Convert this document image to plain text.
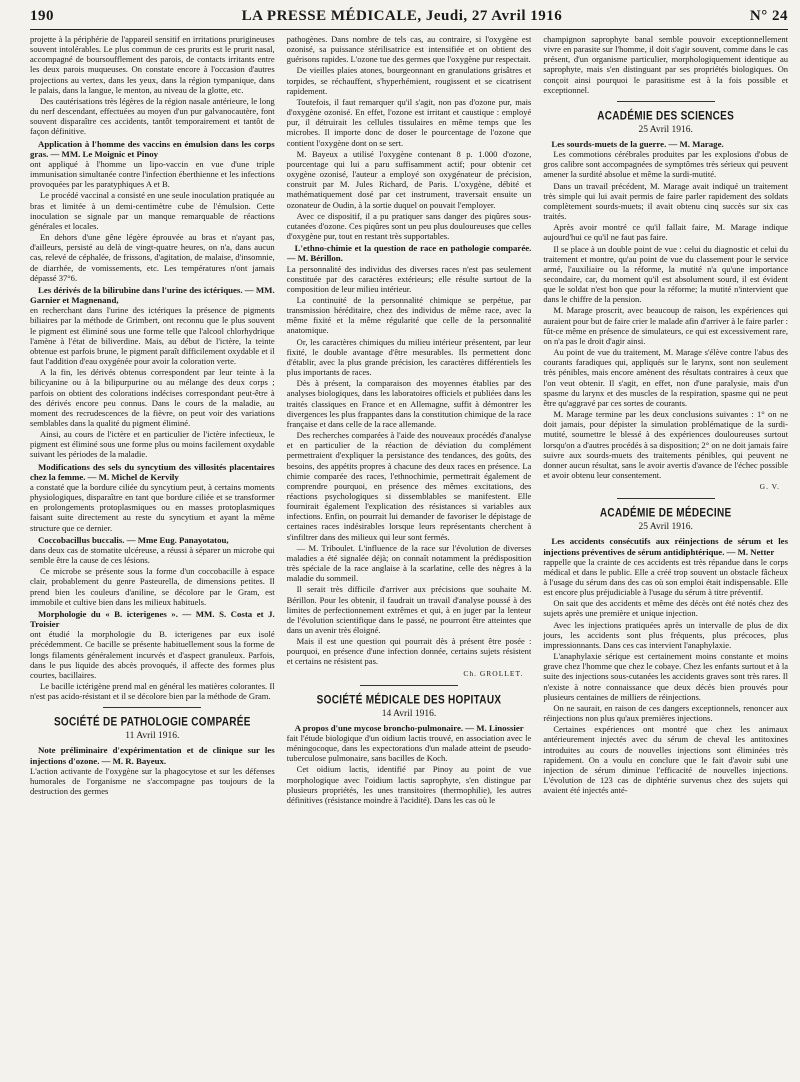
190	LA PRESSE MÉDICALE, Jeudi, 27 Avril 1916	N° 24

projette à la périphérie de l'appareil sensitif en irritations prurigineuses souvent intolérables. Le plus commun de ces prurits est le prurit nasal, accompagné de boursoufflement des parois, de contacts irritants entre les deux parois muqueuses. On constate encore à l'occasion d'autres projections au vertex, dans les yeux, dans la région tympanique, dans le palais, dans la langue, le menton, au niveau de la glotte, etc.

Des cautérisations très légères de la région nasale antérieure, le long du nerf descendant, effectuées au moyen d'un pur galvanocautère, font souvent disparaître ces accidents, tantôt temporairement et tantôt de façon définitive.

Application à l'homme des vaccins en émulsion dans les corps gras. — MM. Le Moignic et Pinoy

ont appliqué à l'homme un lipo-vaccin en vue d'une triple immunisation simultanée contre l'infection éberthienne et les infections provoquées par les paratyphiques A et B.

Le procédé vaccinal a consisté en une seule inoculation pratiquée au bras et limitée à un demi-centimètre cube de l'émulsion. Cette inoculation se signale par un manque remarquable de réactions générales et locales.

En dehors d'une gêne légère éprouvée au bras et n'ayant pas, d'ailleurs, persisté au delà de vingt-quatre heures, on n'a, dans aucun cas, relevé de céphalée, de frissons, d'agitation, de malaise, d'insomnie, de diarrhée, de vomissements, etc. Les températures n'ont jamais dépassé 37°6.

Les dérivés de la bilirubine dans l'urine des ictériques. — MM. Garnier et Magnenand,

en recherchant dans l'urine des ictériques la présence de pigments biliaires par la méthode de Grimbert, ont reconnu que le plus souvent le pigment est éliminé sous une forme telle que l'alcool chlorhydrique l'amène à l'état de biliverdine. Mais, au début de l'ictère, la teinte obtenue est parfois brune, le pigment paraît difficilement oxydable et il faut l'addition d'eau oxygénée pour avoir la coloration verte.

A la fin, les dérivés obtenus correspondent par leur teinte à la bilicyanine ou à la bilipurpurine ou au mélange des deux corps ; parfois on obtient des colorations indécises correspondant peut-être à des dérivés encore peu connus. Dans le cours de la maladie, au moment des recrudescences de la fièvre, on peut voir des variations semblables dans la qualité du pigment éliminé.

Ainsi, au cours de l'ictère et en particulier de l'ictère infectieux, le pigment est éliminé sous une forme plus ou moins facilement oxydable suivant les périodes de la maladie.

Modifications des sels du syncytium des villosités placentaires chez la femme. — M. Michel de Kervily

a constaté que la bordure ciliée du syncytium peut, à certains moments physiologiques, disparaître en tant que bordure ciliée et se transformer en prolongements protoplasmiques ou en masses protoplasmiques faisant suite directement au reste du syncytium et ayant la même structure que ce dernier.

Coccobacillus buccalis. — Mme Eug. Panayotatou,

dans deux cas de stomatite ulcéreuse, a réussi à séparer un microbe qui semble être la cause de ces lésions.

Ce microbe se présente sous la forme d'un coccobacille à espace clair, probablement du genre Pasteurella, de dimensions petites. Il prend bien les couleurs d'aniline, se décolore par le Gram, est immobile et cultive bien dans les milieux habituels.

Morphologie du « B. icterigenes ». — MM. S. Costa et J. Troisier

ont étudié la morphologie du B. icterigenes par eux isolé précédemment. Ce bacille se présente habituellement sous la forme de longs filaments généralement incurvés et d'aspect granuleux. Parfois, dans le pus liquide des abcès provoqués, il affecte des formes plus courtes, bacillaires.

Le bacille ictérigène prend mal en général les matières colorantes. Il n'est pas acido-résistant et il se décolore bien par la méthode de Gram.

SOCIÉTÉ DE PATHOLOGIE COMPARÉE
11 Avril 1916.
Note préliminaire d'expérimentation et de clinique sur les injections d'ozone. — M. R. Bayeux.

L'action activante de l'oxygène sur la phagocytose et sur les défenses humorales de l'organisme ne s'accompagne pas toujours de la destruction des germes

pathogènes. Dans nombre de tels cas, au contraire, si l'oxygène est ozonisé, sa puissance stérilisatrice est intensifiée et on obtient des guérisons rapides. L'ozone tue des germes que l'oxygène pur respectait.

De vieilles plaies atones, bourgeonnant en granulations grisâtres et torpides, se réchauffent, s'hyperhémient, rougissent et se cicatrisent rapidement.

Toutefois, il faut remarquer qu'il s'agit, non pas d'ozone pur, mais d'oxygène ozonisé. En effet, l'ozone est irritant et caustique : employé pur, il détruirait les cellules tissulaires en même temps que les microbes. Il importe donc de doser le pourcentage de l'ozone que contient l'oxygène dont on se sert.

M. Bayeux a utilisé l'oxygène contenant 8 p. 1.000 d'ozone, pourcentage qui lui a paru suffisamment actif; pour obtenir cet oxygène ozonisé, l'auteur a employé son oxygénateur de précision, construit par M. Jules Richard, de Paris. L'oxygène, débité et mathématiquement dosé par cet instrument, traversait ensuite un ozonateur de Oudin, à la sortie duquel on pouvait l'employer.

Avec ce dispositif, il a pu pratiquer sans danger des piqûres sous-cutanées d'ozone. Ces piqûres sont un peu plus douloureuses que celles d'oxygène pur, tout en restant très supportables.

L'ethno-chimie et la question de race en pathologie comparée. — M. Bérillon.

La personnalité des individus des diverses races n'est pas seulement constituée par des caractères extérieurs; elle résulte surtout de la composition de leur milieu intérieur.

La continuité de la personnalité chimique se perpétue, par transmission héréditaire, chez des individus de même race, avec la même fixité et la même régularité que celle de la personnalité anatomique.

Or, les caractères chimiques du milieu intérieur présentent, par leur fixité, le double avantage d'être mesurables. Ils permettent donc d'établir, avec la plus grande précision, les caractères différentiels les plus importants de races.

Dès à présent, la comparaison des moyennes établies par des analyses biologiques, dans les laboratoires officiels et publiées dans les traités classiques en France et en Allemagne, suffit à démontrer les divergences les plus frappantes dans la constitution chimique de la race française et dans celle de la race allemande.

Des recherches comparées à l'aide des nouveaux procédés d'analyse et en particulier de la réaction de déviation du complément permettraient d'expliquer la persistance des tendances, des goûts, des besoins, des appétits propres à chacune des deux races en présence. La chimie comparée des races, l'ethnochimie, permettrait également de comprendre pourquoi, en présence des mêmes excitations, des réactions psychologiques si dissemblables se manifestent. Elle fournirait également l'explication des résistances si variables aux infections. Enfin, on pourrait lui demander de favoriser le dépistage de certaines races indésirables lorsque leurs représentants cherchent à s'infiltrer dans des milieux qui leur sont fermés.

— M. Triboulet. L'influence de la race sur l'évolution de diverses maladies a été signalée déjà; on connaît notamment la prédisposition très spéciale de la race anglaise à la scarlatine, celle des nègres à la maladie du sommeil.

Il serait très difficile d'arriver aux précisions que souhaite M. Bérillon. Pour les obtenir, il faudrait un travail d'analyse poussé à des limites de perfectionnement extrêmes et qui, à en juger par la lenteur de l'évolution scientifique dans le passé, ne pourront être atteintes que dans un avenir très éloigné.

Mais il est une question qui pourrait dès à présent être posée : pourquoi, en présence d'une infection donnée, certains sujets résistent et certains ne résistent pas.

Ch. GROLLET.
SOCIÉTÉ MÉDICALE DES HOPITAUX
14 Avril 1916.
A propos d'une mycose broncho-pulmonaire. — M. Linossier

fait l'étude biologique d'un oidium lactis trouvé, en association avec le méningocoque, dans les expectorations d'un malade atteint de pseudo-tuberculose pulmonaire, sans bacilles de Koch.

Cet oidium lactis, identifié par Pinoy au point de vue morphologique avec l'oidium lactis saprophyte, s'en distingue par plusieurs propriétés, les unes transitoires (thermophilie), les autres définitives (résistance moindre à l'acidité). Dans les cas où le

champignon saprophyte banal semble pouvoir exceptionnellement vivre en parasite sur l'homme, il doit s'agir souvent, comme dans le cas présent, d'un organisme particulier, morphologiquement identique au saprophyte, mais s'en distinguant par ses propriétés biologiques. On conçoit ainsi pourquoi le parasitisme est à la fois possible et exceptionnel.

ACADÉMIE DES SCIENCES
25 Avril 1916.
Les sourds-muets de la guerre. — M. Marage.

Les commotions cérébrales produites par les explosions d'obus de gros calibre sont accompagnées de symptômes très sérieux qui peuvent amener la surdité absolue et même la surdi-mutité.

Dans un travail précédent, M. Marage avait indiqué un traitement très simple qui lui avait permis de faire parler rapidement des soldats complètement sourds-muets; il avait obtenu cinq succès sur six cas traités.

Après avoir montré ce qu'il fallait faire, M. Marage indique aujourd'hui ce qu'il ne faut pas faire.

Il se place à un double point de vue : celui du diagnostic et celui du traitement et montre, qu'au point de vue du classement pour le service armé, l'auxiliaire ou la réforme, la mutité n'a qu'une importance secondaire, car, du moment qu'il est absolument sourd, il est évident que le soldat n'est bon que pour la réforme; la mutité n'intervient que dans le chiffre de la pension.

M. Marage proscrit, avec beaucoup de raison, les expériences qui auraient pour but de faire crier le malade afin d'arriver à le faire parler : fût-ce même en présence de simulateurs, ce qui est excessivement rare, on n'a pas le droit d'agir ainsi.

Au point de vue du traitement, M. Marage s'élève contre l'abus des courants faradiques qui, appliqués sur le larynx, sont non seulement très pénibles, mais encore amènent des résultats contraires à ceux que l'on veut obtenir. Il s'agit, en effet, non d'une paralysie, mais d'un spasme du larynx et des muscles de la respiration, spasme qui ne peut être qu'aggravé par ces sortes de courants.

M. Marage termine par les deux conclusions suivantes : 1° on ne doit jamais, pour dépister la simulation problématique de la surdi-mutité, soumettre le blessé à des expériences douloureuses surtout lorsqu'on a d'autres procédés à sa disposition; 2° on ne doit jamais faire suivre aux sourds-muets des traitements pénibles, qui peuvent ne donner aucun résultat, sans le avoir avertis d'avance de l'échec possible et avoir obtenu leur consentement.

G. V.
ACADÉMIE DE MÉDECINE
25 Avril 1916.
Les accidents consécutifs aux réinjections de sérum et les injections préventives de sérum antidiphtérique. — M. Netter

rappelle que la crainte de ces accidents est très répandue dans le corps médical et dans le public. Elle a créé trop souvent un obstacle fâcheux à l'usage du sérum dans des cas où son emploi était indispensable. Elle est encore plus préjudiciable à l'usage du sérum à titre préventif.

On sait que des accidents et même des décès ont été notés chez des sujets après une première et unique injection.

Avec les injections pratiquées après un intervalle de plus de dix jours, les accidents sont plus fréquents, plus précoces, plus impressionnants. Dans ces cas intervient l'anaphylaxie.

L'anaphylaxie sérique est certainement moins constante et moins grave chez l'homme que chez le cobaye. Chez les enfants surtout et à la suite des injections sous-cutanées les accidents graves sont très rares. Il n'existe à notre connaissance que deux décès bien prouvés pour plusieurs centaines de milliers de réinjections.

On ne saurait, en raison de ces dangers exceptionnels, renoncer aux réinjections non plus qu'aux premières injections.

Certaines expériences ont montré que chez les animaux antérieurement injectés avec du sérum de cheval les antitoxines introduites au cours de nouvelles injections sont éliminées très rapidement. On a voulu en conclure que le fait d'avoir subi une injection de sérum diminue l'efficacité de nouvelles injections. L'évolution de 123 cas de diphtérie survenus chez des sujets qui avaient été injectés anté-
